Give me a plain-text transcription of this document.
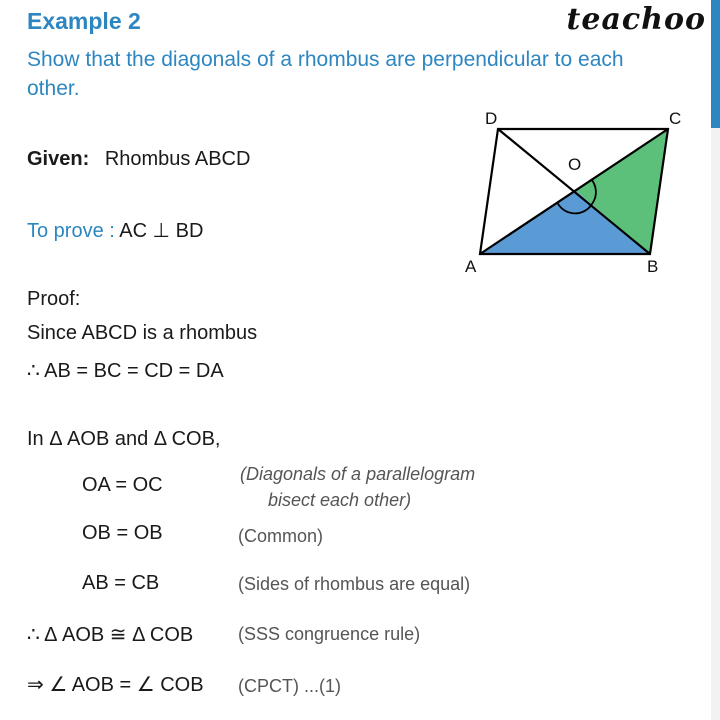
Example 2	teachoo
Show that the diagonals of a rhombus are perpendicular to each other.
Given: Rhombus ABCD
To prove : AC ⊥ BD
Proof:
Since ABCD is a rhombus
∴ AB = BC = CD = DA
In Δ AOB and Δ COB,
OA = OC	(Diagonals of a parallelogram
bisect each other)
OB = OB	(Common)
AB = CB	(Sides of rhombus are equal)
∴ Δ AOB ≅ Δ COB (SSS congruence rule)
⇒ ∠ AOB = ∠ COB (CPCT) ...(1)
D	C
A	B
O
